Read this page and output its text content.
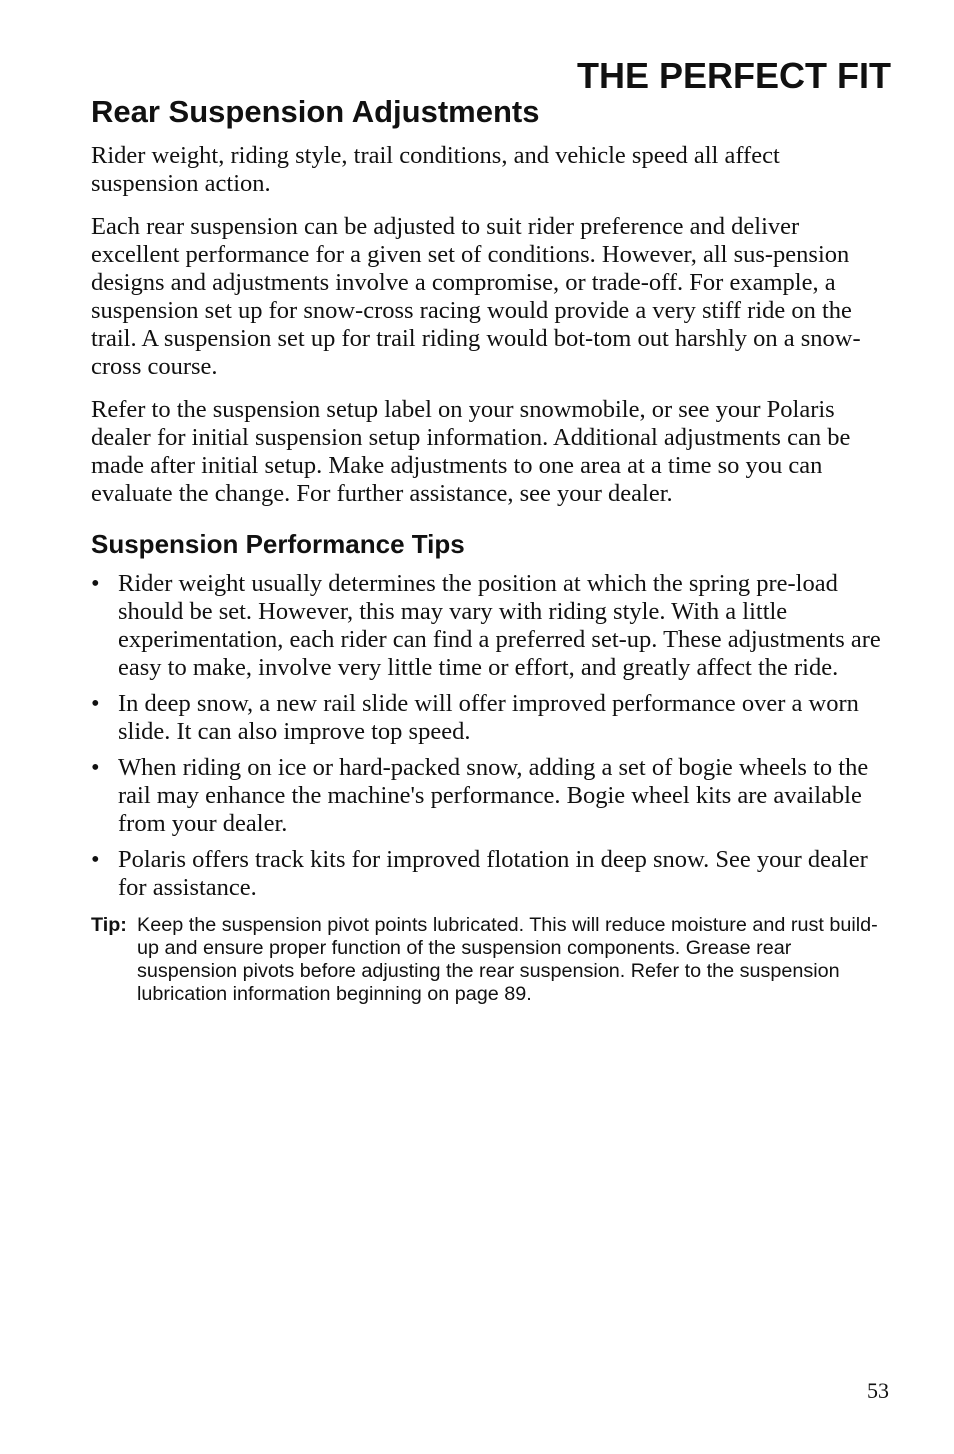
THE PERFECT FIT
Rear Suspension Adjustments

Rider weight, riding style, trail conditions, and vehicle speed all affect suspension action.

Each rear suspension can be adjusted to suit rider preference and deliver excellent performance for a given set of conditions. However, all sus-pension designs and adjustments involve a compromise, or trade-off. For example, a suspension set up for snow-cross racing would provide a very stiff ride on the trail. A suspension set up for trail riding would bot-tom out harshly on a snow-cross course.

Refer to the suspension setup label on your snowmobile, or see your Polaris dealer for initial suspension setup information. Additional adjustments can be made after initial setup. Make adjustments to one area at a time so you can evaluate the change. For further assistance, see your dealer.

Suspension Performance Tips
• Rider weight usually determines the position at which the spring pre-load should be set. However, this may vary with riding style. With a little experimentation, each rider can find a preferred set-up. These adjustments are easy to make, involve very little time or effort, and greatly affect the ride.
• In deep snow, a new rail slide will offer improved performance over a worn slide. It can also improve top speed.
• When riding on ice or hard-packed snow, adding a set of bogie wheels to the rail may enhance the machine's performance. Bogie wheel kits are available from your dealer.
• Polaris offers track kits for improved flotation in deep snow. See your dealer for assistance.
Tip: Keep the suspension pivot points lubricated. This will reduce moisture and rust build-up and ensure proper function of the suspension components. Grease rear suspension pivots before adjusting the rear suspension. Refer to the suspension lubrication information beginning on page 89.
53
